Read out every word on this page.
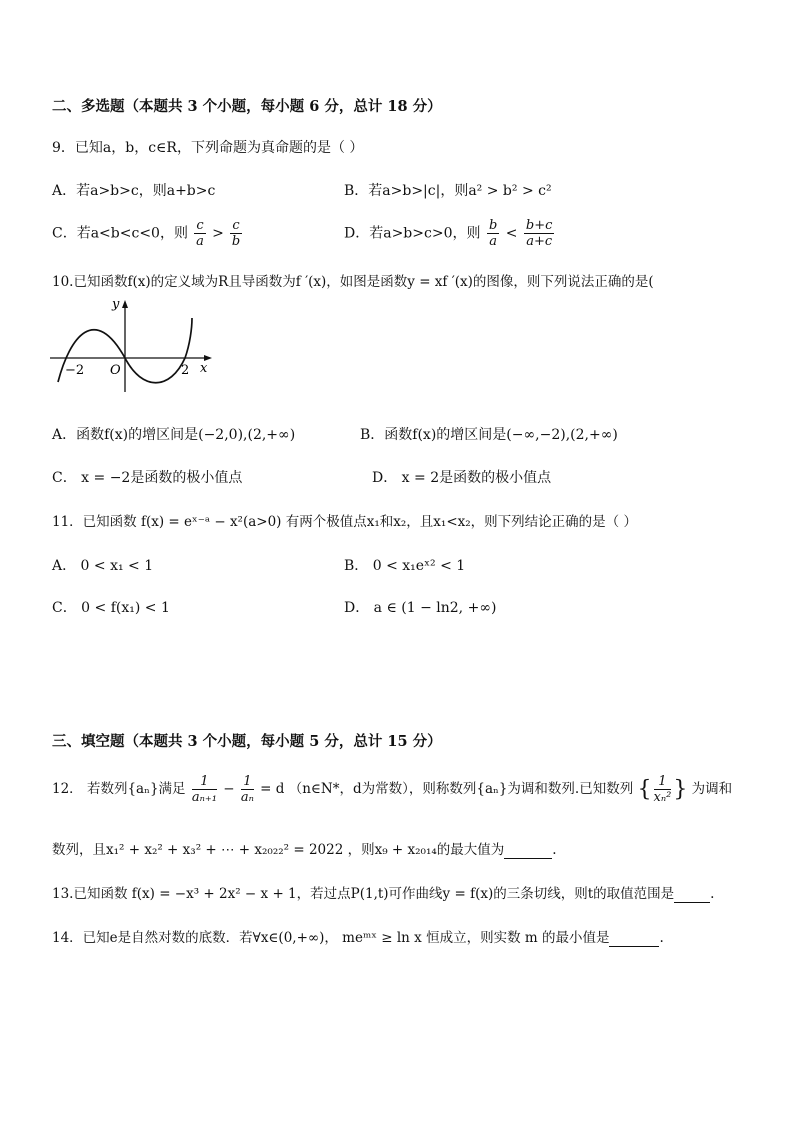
二、多选题（本题共 3 个小题，每小题 6 分，总计 18 分）
9．已知a，b，c∈R，下列命题为真命题的是（ ）
A．若a>b>c，则a+b>c	B．若a>b>|c|，则a² > b² > c²
C．若a<b<c<0，则 $\frac{c}{a} > \frac{c}{b}$	D．若a>b>c>0，则 $\frac{b}{a} < \frac{b+c}{a+c}$
10.已知函数f(x)的定义域为R且导函数为f ′(x)，如图是函数y = xf ′(x)的图像，则下列说法正确的是(
y
x
O
−2	2
A．函数f(x)的增区间是(−2,0),(2,+∞)	B．函数f(x)的增区间是(−∞,−2),(2,+∞)
C． x = −2是函数的极小值点	D． x = 2是函数的极小值点
11．已知函数 f(x) = eˣ⁻ᵃ − x²(a>0) 有两个极值点x₁和x₂，且x₁<x₂，则下列结论正确的是（ ）
A． 0 < x₁ < 1	B． 0 < x₁eˣ² < 1
C． 0 < f(x₁) < 1	D． a ∈ (1 − ln2, +∞)
三、填空题（本题共 3 个小题，每小题 5 分，总计 15 分）
12． 若数列{aₙ}满足 $\frac{1}{\text{aₙ₊₁}} - \frac{1}{\text{aₙ}} = d$ （n∈N*，d为常数），则称数列{aₙ}为调和数列.已知数列 { $\frac{1}{\text{xₙ²}}$ } 为调和
数列，且x₁² + x₂² + x₃² + ⋯ + x₂₀₂₂² = 2022 ，则x₉ + x₂₀₁₄的最大值为	.
13.已知函数 f(x) = −x³ + 2x² − x + 1，若过点P(1,t)可作曲线y = f(x)的三条切线，则t的取值范围是	.
14．已知e是自然对数的底数．若∀x∈(0,+∞)， meᵐˣ ≥ ln x 恒成立，则实数 m 的最小值是	.
